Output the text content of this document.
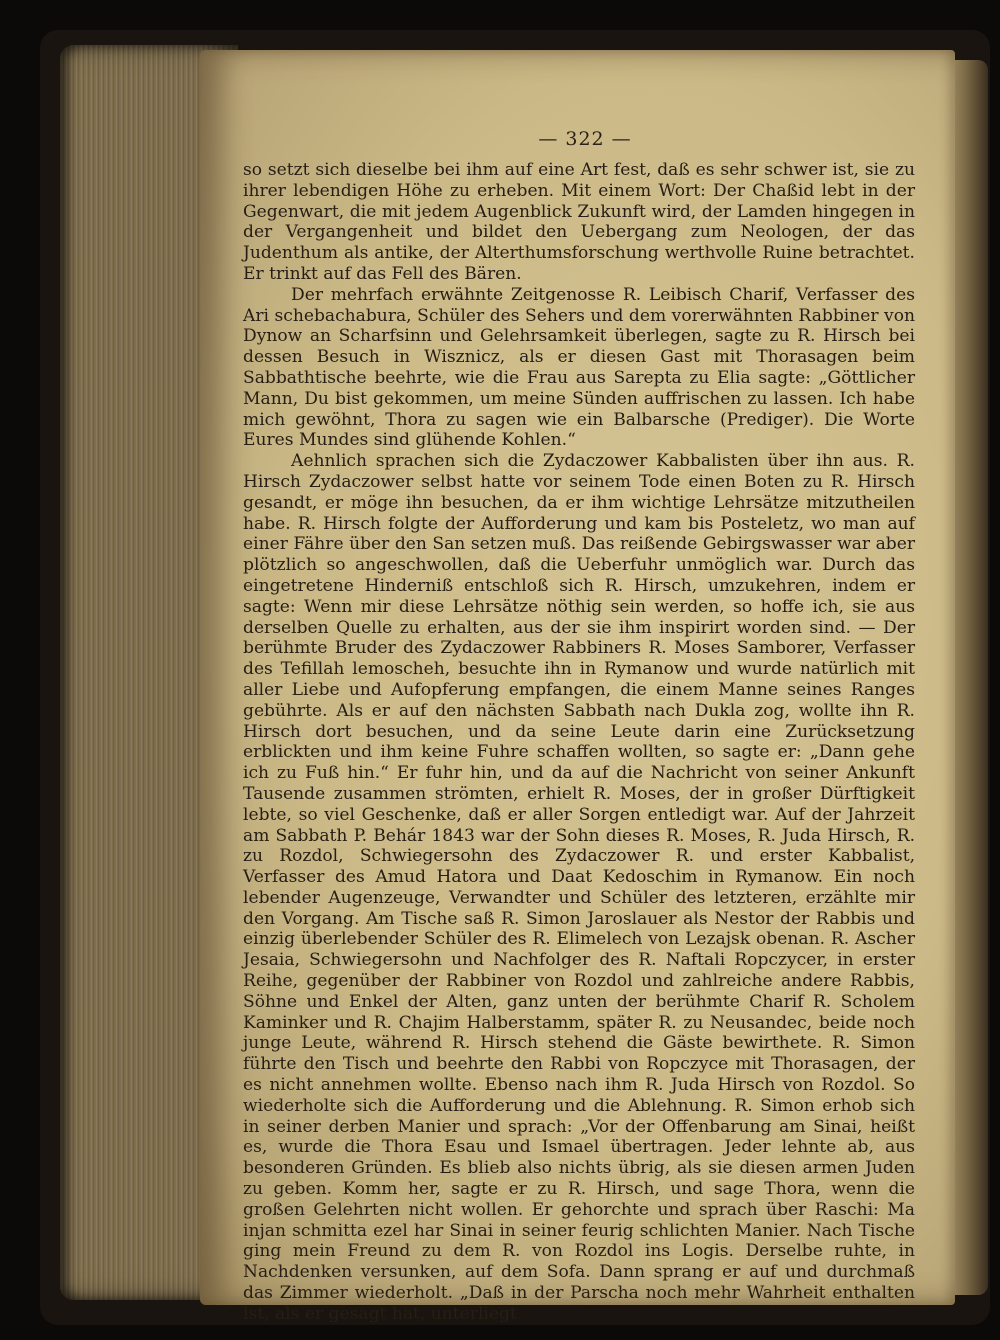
— 322 —

so setzt sich dieselbe bei ihm auf eine Art fest, daß es sehr schwer ist, sie zu ihrer lebendigen Höhe zu erheben. Mit einem Wort: Der Chaßid lebt in der Gegenwart, die mit jedem Augenblick Zukunft wird, der Lamden hingegen in der Vergangenheit und bildet den Uebergang zum Neologen, der das Judenthum als antike, der Alterthumsforschung werthvolle Ruine betrachtet. Er trinkt auf das Fell des Bären.

Der mehrfach erwähnte Zeitgenosse R. Leibisch Charif, Verfasser des Ari schebachabura, Schüler des Sehers und dem vorerwähnten Rabbiner von Dynow an Scharfsinn und Gelehrsamkeit überlegen, sagte zu R. Hirsch bei dessen Besuch in Wisznicz, als er diesen Gast mit Thorasagen beim Sabbathtische beehrte, wie die Frau aus Sarepta zu Elia sagte: „Göttlicher Mann, Du bist gekommen, um meine Sünden auffrischen zu lassen. Ich habe mich gewöhnt, Thora zu sagen wie ein Balbarsche (Prediger). Die Worte Eures Mundes sind glühende Kohlen.“

Aehnlich sprachen sich die Zydaczower Kabbalisten über ihn aus. R. Hirsch Zydaczower selbst hatte vor seinem Tode einen Boten zu R. Hirsch gesandt, er möge ihn besuchen, da er ihm wichtige Lehrsätze mitzutheilen habe. R. Hirsch folgte der Aufforderung und kam bis Posteletz, wo man auf einer Fähre über den San setzen muß. Das reißende Gebirgswasser war aber plötzlich so angeschwollen, daß die Ueberfuhr unmöglich war. Durch das eingetretene Hinderniß entschloß sich R. Hirsch, umzukehren, indem er sagte: Wenn mir diese Lehrsätze nöthig sein werden, so hoffe ich, sie aus derselben Quelle zu erhalten, aus der sie ihm inspirirt worden sind. — Der berühmte Bruder des Zydaczower Rabbiners R. Moses Samborer, Verfasser des Tefillah lemoscheh, besuchte ihn in Rymanow und wurde natürlich mit aller Liebe und Aufopferung empfangen, die einem Manne seines Ranges gebührte. Als er auf den nächsten Sabbath nach Dukla zog, wollte ihn R. Hirsch dort besuchen, und da seine Leute darin eine Zurücksetzung erblickten und ihm keine Fuhre schaffen wollten, so sagte er: „Dann gehe ich zu Fuß hin.“ Er fuhr hin, und da auf die Nachricht von seiner Ankunft Tausende zusammen strömten, erhielt R. Moses, der in großer Dürftigkeit lebte, so viel Geschenke, daß er aller Sorgen entledigt war. Auf der Jahrzeit am Sabbath P. Behár 1843 war der Sohn dieses R. Moses, R. Juda Hirsch, R. zu Rozdol, Schwiegersohn des Zydaczower R. und erster Kabbalist, Verfasser des Amud Hatora und Daat Kedoschim in Rymanow. Ein noch lebender Augenzeuge, Verwandter und Schüler des letzteren, erzählte mir den Vorgang. Am Tische saß R. Simon Jaroslauer als Nestor der Rabbis und einzig überlebender Schüler des R. Elimelech von Lezajsk obenan. R. Ascher Jesaia, Schwiegersohn und Nachfolger des R. Naftali Ropczycer, in erster Reihe, gegenüber der Rabbiner von Rozdol und zahlreiche andere Rabbis, Söhne und Enkel der Alten, ganz unten der berühmte Charif R. Scholem Kaminker und R. Chajim Halberstamm, später R. zu Neusandec, beide noch junge Leute, während R. Hirsch stehend die Gäste bewirthete. R. Simon führte den Tisch und beehrte den Rabbi von Ropczyce mit Thorasagen, der es nicht annehmen wollte. Ebenso nach ihm R. Juda Hirsch von Rozdol. So wiederholte sich die Aufforderung und die Ablehnung. R. Simon erhob sich in seiner derben Manier und sprach: „Vor der Offenbarung am Sinai, heißt es, wurde die Thora Esau und Ismael übertragen. Jeder lehnte ab, aus besonderen Gründen. Es blieb also nichts übrig, als sie diesen armen Juden zu geben. Komm her, sagte er zu R. Hirsch, und sage Thora, wenn die großen Gelehrten nicht wollen. Er gehorchte und sprach über Raschi: Ma injan schmitta ezel har Sinai in seiner feurig schlichten Manier. Nach Tische ging mein Freund zu dem R. von Rozdol ins Logis. Derselbe ruhte, in Nachdenken versunken, auf dem Sofa. Dann sprang er auf und durchmaß das Zimmer wiederholt. „Daß in der Parscha noch mehr Wahrheit enthalten ist, als er gesagt hat, unterliegt
